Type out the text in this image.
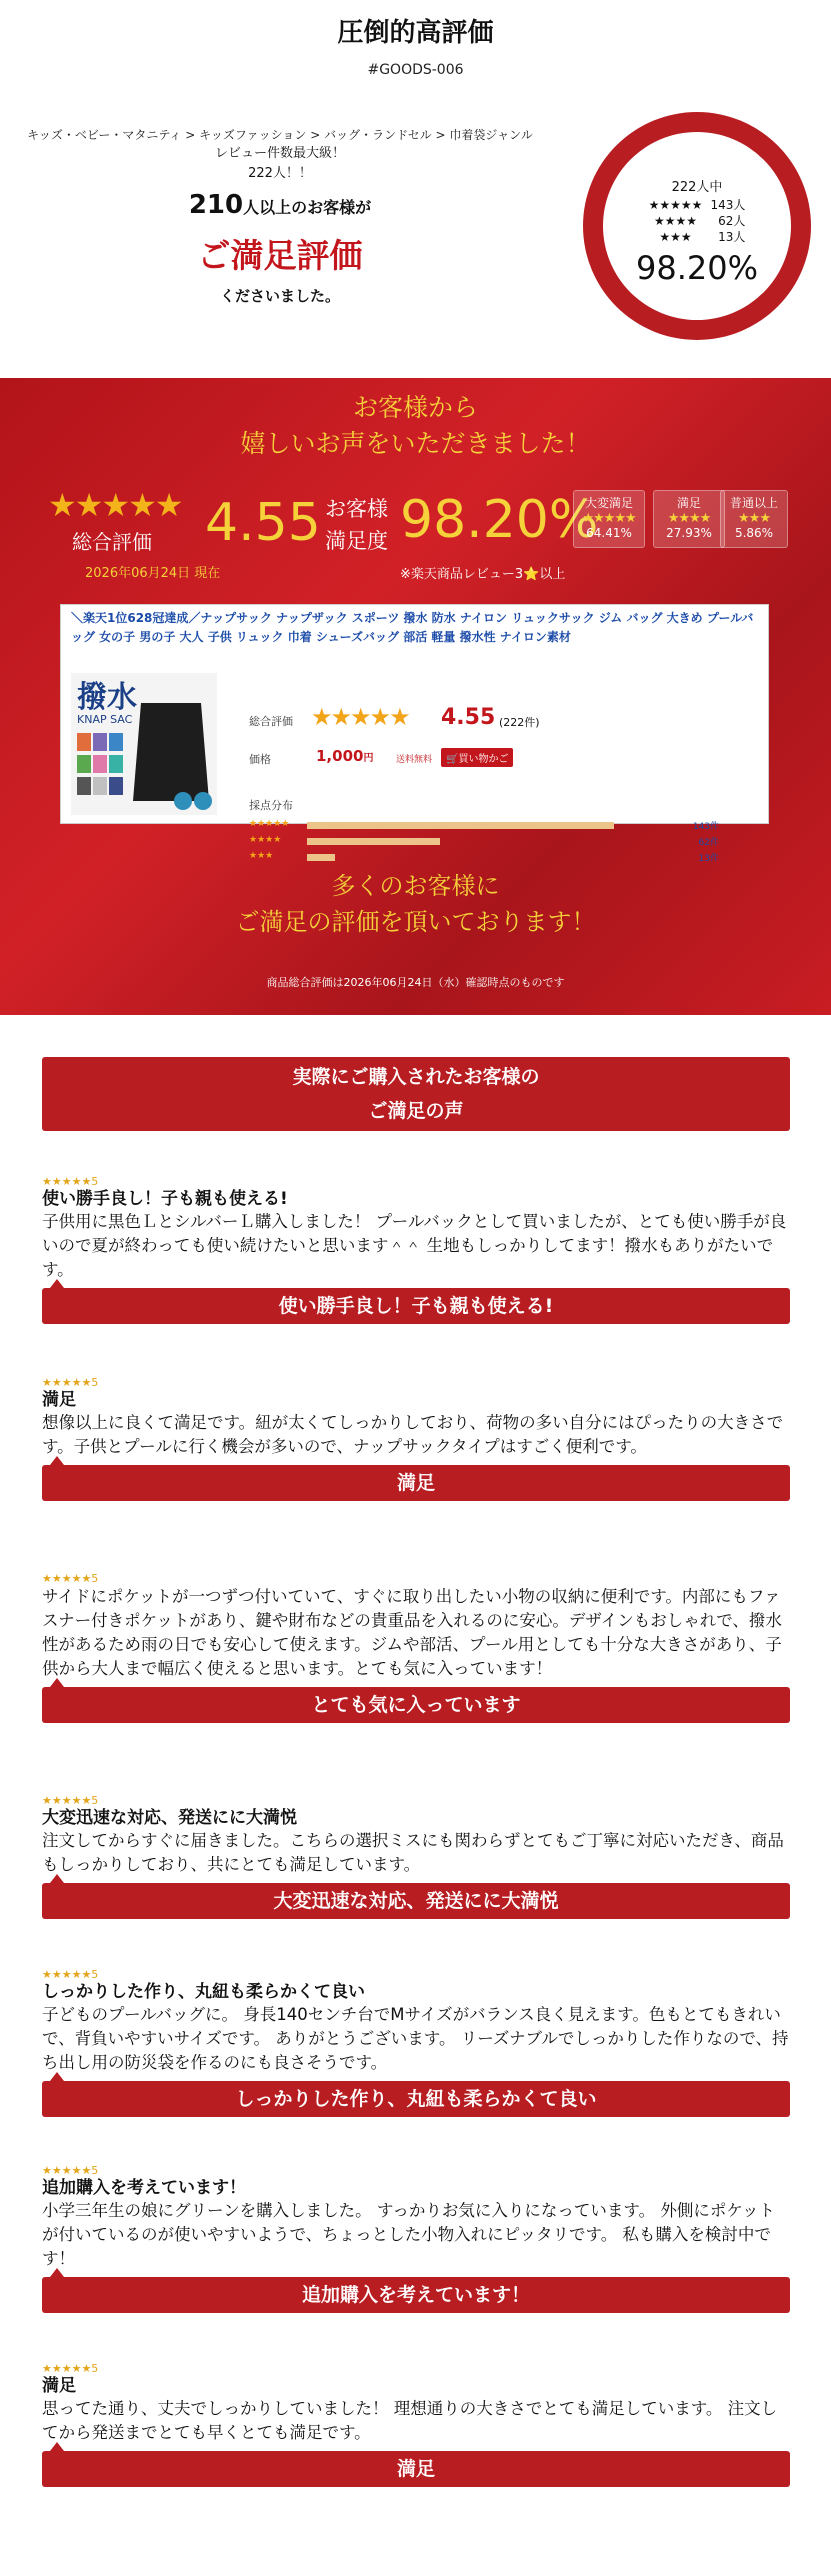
圧倒的高評価
#GOODS-006
キッズ・ベビー・マタニティ > キッズファッション > バッグ・ランドセル > 巾着袋ジャンル
レビュー件数最大級！
222人！！
210人以上のお客様が
ご満足評価
くださいました。
222人中
★★★★★	143人
★★★★	62人
★★★	13人
98.20%
お客様から
嬉しいお声をいただきました！
★★★★★
総合評価
2026年06月24日 現在
4.55 お客様
満足度 98.20%
※楽天商品レビュー3⭐以上
大変満足
★★★★★
64.41%
満足
★★★★
27.93%
普通以上
★★★
5.86%
＼楽天1位628冠達成／ナップサック ナップザック スポーツ 撥水 防水 ナイロン リュックサック ジム バッグ 大きめ プールバッグ 女の子 男の子 大人 子供 リュック 巾着 シューズバッグ 部活 軽量 撥水性 ナイロン素材
撥水
KNAP SAC	総合評価 ★★★★★ 4.55 (222件)
価格	1,000円	送料無料	🛒買い物かご
採点分布
★★★★★	143件
★★★★	62件
★★★	13件
多くのお客様に
ご満足の評価を頂いております！
商品総合評価は2026年06月24日（水）確認時点のものです
実際にご購入されたお客様の
ご満足の声
★★★★★5
使い勝手良し！子も親も使える!
子供用に黒色ＬとシルバーＬ購入しました！ プールバックとして買いましたが、とても使い勝手が良いので夏が終わっても使い続けたいと思います＾＾ 生地もしっかりしてます！撥水もありがたいです。
使い勝手良し！子も親も使える!
★★★★★5
満足
想像以上に良くて満足です。紐が太くてしっかりしており、荷物の多い自分にはぴったりの大きさです。子供とプールに行く機会が多いので、ナップサックタイプはすごく便利です。
満足
★★★★★5
サイドにポケットが一つずつ付いていて、すぐに取り出したい小物の収納に便利です。内部にもファスナー付きポケットがあり、鍵や財布などの貴重品を入れるのに安心。デザインもおしゃれで、撥水性があるため雨の日でも安心して使えます。ジムや部活、プール用としても十分な大きさがあり、子供から大人まで幅広く使えると思います。とても気に入っています！
とても気に入っています
★★★★★5
大変迅速な対応、発送にに大満悦
注文してからすぐに届きました。こちらの選択ミスにも関わらずとてもご丁寧に対応いただき、商品もしっかりしており、共にとても満足しています。
大変迅速な対応、発送にに大満悦
★★★★★5
しっかりした作り、丸紐も柔らかくて良い
子どものプールバッグに。 身長140センチ台でMサイズがバランス良く見えます。色もとてもきれいで、背負いやすいサイズです。 ありがとうございます。 リーズナブルでしっかりした作りなので、持ち出し用の防災袋を作るのにも良さそうです。
しっかりした作り、丸紐も柔らかくて良い
★★★★★5
追加購入を考えています！
小学三年生の娘にグリーンを購入しました。 すっかりお気に入りになっています。 外側にポケットが付いているのが使いやすいようで、ちょっとした小物入れにピッタリです。 私も購入を検討中です！
追加購入を考えています！
★★★★★5
満足
思ってた通り、丈夫でしっかりしていました！ 理想通りの大きさでとても満足しています。 注文してから発送までとても早くとても満足です。
満足
